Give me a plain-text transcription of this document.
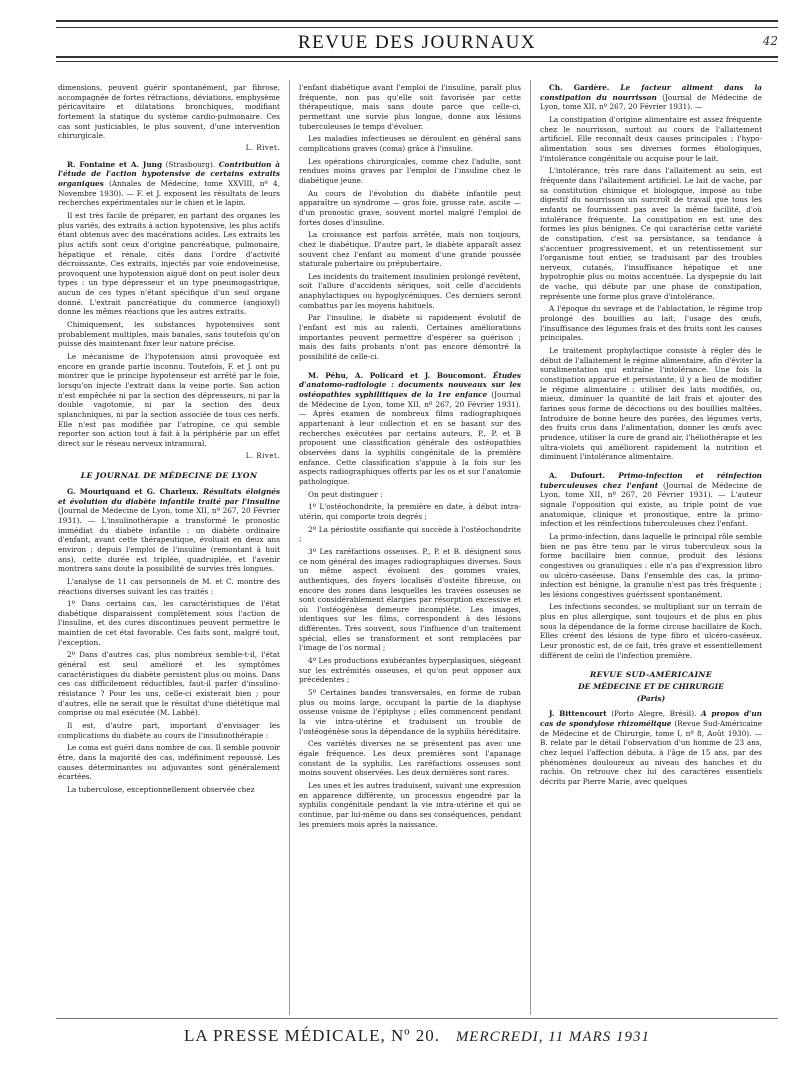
REVUE DES JOURNAUX	42

dimensions, peuvent guérir spontanément, par fibrose, accompagnée de fortes rétractions, déviations, emphysème péricavitaire et dilatations bronchiques, modifiant fortement la statique du système cardio-pulmonaire. Ces cas sont justiciables, le plus souvent, d'une intervention chirurgicale.

L. Rivet.

R. Fontaine et A. Jung (Strasbourg). Contribution à l'étude de l'action hypotensive de certains extraits organiques (Annales de Médecine, tome XXVIII, nº 4, Novembre 1930). — F. et J. exposent les résultats de leurs recherches expérimentales sur le chien et le lapin.

Il est très facile de préparer, en partant des organes les plus variés, des extraits à action hypotensive, les plus actifs étant obtenus avec des macérations acides. Les extraits les plus actifs sont ceux d'origine pancréatique, pulmonaire, hépatique et rénale, cités dans l'ordre d'activité décroissante. Ces extraits, injectés par voie endoveineuse, provoquent une hypotension aiguë dont on peut isoler deux types : un type dépresseur et un type pneumogastrique, aucun de ces types n'étant spécifique d'un seul organe donné. L'extrait pancréatique du commerce (angioxyl) donne les mêmes réactions que les autres extraits.

Chimiquement, les substances hypotensives sont probablement multiples, mais banales, sans toutefois qu'on puisse dès maintenant fixer leur nature précise.

Le mécanisme de l'hypotension ainsi provoquée est encore en grande partie inconnu. Toutefois, F. et J. ont pu montrer que le principe hypotenseur est arrêté par le foie, lorsqu'on injecte l'extrait dans la veine porte. Son action n'est empêchée ni par la section des dépresseurs, ni par la double vagotomie, ni par la section des deux splanchniques, ni par la section associée de tous ces nerfs. Elle n'est pas modifiée par l'atropine, ce qui semble reporter son action tout à fait à la périphérie par un effet direct sur le réseau nerveux intramural.

L. Rivet.
LE JOURNAL DE MÉDECINE DE LYON

G. Mouriquand et G. Charleux. Résultats éloignés et évolution du diabète infantile traité par l'insuline (Journal de Médecine de Lyon, tome XII, nº 267, 20 Février 1931). — L'insulinothérapie a transformé le pronostic immédiat du diabète infantile : un diabète ordinaire d'enfant, avant cette thérapeutique, évoluait en deux ans environ ; depuis l'emploi de l'insuline (remontant à huit ans), cette durée est triplée, quadruplée, et l'avenir montrera sans doute la possibilité de survies très longues.

L'analyse de 11 cas personnels de M. et C. montre des réactions diverses suivant les cas traités :

1º Dans certains cas, les caractéristiques de l'état diabétique disparaissent complètement sous l'action de l'insuline, et des cures discontinues peuvent permettre le maintien de cet état favorable. Ces faits sont, malgré tout, l'exception.

2º Dans d'autres cas, plus nombreux semble-t-il, l'état général est seul amélioré et les symptômes caractéristiques du diabète persistent plus ou moins. Dans ces cas difficilement réductibles, faut-il parler d'insulino-résistance ? Pour les uns, celle-ci existerait bien ; pour d'autres, elle ne serait que le résultat d'une diététique mal comprise ou mal exécutée (M. Labbé).

Il est, d'autre part, important d'envisager les complications du diabète au cours de l'insulinothérapie :

Le coma est guéri dans nombre de cas. Il semble pouvoir être, dans la majorité des cas, indéfiniment repoussé. Les causes déterminantes ou adjuvantes sont généralement écartées.

La tuberculose, exceptionnellement observée chez

l'enfant diabétique avant l'emploi de l'insuline, paraît plus fréquente, non pas qu'elle soit favorisée par cette thérapeutique, mais sans doute parce que celle-ci, permettant une survie plus longue, donne aux lésions tuberculeuses le temps d'évoluer.

Les maladies infectieuses se déroulent en général sans complications graves (coma) grâce à l'insuline.

Les opérations chirurgicales, comme chez l'adulte, sont rendues moins graves par l'emploi de l'insuline chez le diabétique jeune.

Au cours de l'évolution du diabète infantile peut apparaître un syndrome — gros foie, grosse rate, ascite — d'un pronostic grave, souvent mortel malgré l'emploi de fortes doses d'insuline.

La croissance est parfois arrêtée, mais non toujours, chez le diabétique. D'autre part, le diabète apparaît assez souvent chez l'enfant au moment d'une grande poussée staturale pubertaire ou prépubertaire.

Les incidents du traitement insulinien prolongé revêtent, soit l'allure d'accidents sériques, soit celle d'accidents anaphylactiques ou hypoglycémiques. Ces derniers seront combattus par les moyens habituels.

Par l'insuline, le diabète si rapidement évolutif de l'enfant est mis au ralenti. Certaines améliorations importantes peuvent permettre d'espérer sa guérison ; mais des faits probants n'ont pas encore démontré la possibilité de celle-ci.

M. Péhu, A. Policard et J. Boucomont. Études d'anatomo-radiologie : documents nouveaux sur les ostéopathies syphilitiques de la 1re enfance (Journal de Médecine de Lyon, tome XII, nº 267, 20 Février 1931). — Après examen de nombreux films radiographiques appartenant à leur collection et en se basant sur des recherches exécutées par certains auteurs, P., P. et B proposent une classification générale des ostéopathies observées dans la syphilis congénitale de la première enfance. Cette classification s'appuie à la fois sur les aspects radiographiques offerts par les os et sur l'anatomie pathologique.

On peut distinguer :

1º L'ostéochondrite, la première en date, à début intra-utérin, qui comporte trois degrés ;

2º La périostite ossifiante qui succède à l'ostéochondrite ;

3º Les raréfactions osseuses. P., P. et B. désignent sous ce nom général des images radiographiques diverses. Sous un même aspect évoluent des gommes vraies, authentiques, des foyers localisés d'ostéite fibreuse, ou encore des zones dans lesquelles les travées osseuses se sont considérablement élargies par résorption excessive et où l'ostéogénèse demeure incomplète. Les images, identiques sur les films, correspondent à des lésions différentes. Très souvent, sous l'influence d'un traitement spécial, elles se transforment et sont remplacées par l'image de l'os normal ;

4º Les productions exubérantes hyperplasiques, siégeant sur les extrémités osseuses, et qu'on peut opposer aux précédentes ;

5º Certaines bandes transversales, en forme de ruban plus ou moins large, occupant la partie de la diaphyse osseuse voisine de l'épiphyse ; elles commencent pendant la vie intra-utérine et traduisent un trouble de l'ostéogénèse sous la dépendance de la syphilis héréditaire.

Ces variétés diverses ne se présentent pas avec une égale fréquence. Les deux premières sont l'apanage constant de la syphilis. Les raréfactions osseuses sont moins souvent observées. Les deux dernières sont rares.

Les unes et les autres traduisent, suivant une expression en apparence différente, un processus engendré par la syphilis congénitale pendant la vie intra-utérine et qui se continue, par lui-même ou dans ses conséquences, pendant les premiers mois après la naissance.

Ch. Gardère. Le facteur aliment dans la constipation du nourrisson (Journal de Médecine de Lyon, tome XII, nº 267, 20 Février 1931). —

La constipation d'origine alimentaire est assez fréquente chez le nourrisson, surtout au cours de l'allaitement artificiel. Elle reconnaît deux causes principales : l'hypo-alimentation sous ses diverses formes étiologiques, l'intolérance congénitale ou acquise pour le lait.

L'intolérance, très rare dans l'allaitement au sein, est fréquente dans l'allaitement artificiel. Le lait de vache, par sa constitution chimique et biologique, imposé au tube digestif du nourrisson un surcroît de travail que tous les enfants ne fournissent pas avec la même facilité, d'où intolérance fréquente. La constipation en est une des formes les plus bénignes. Ce qui caractérise cette variété de constipation, c'est sa persistance, sa tendance à s'accentuer progressivement, et un retentissement sur l'organisme tout entier, se traduisant par des troubles nerveux, cutanés, l'insuffisance hépatique et une hypotrophie plus ou moins accentuée. La dyspepsie du lait de vache, qui débute par une phase de constipation, représente une forme plus grave d'intolérance.

A l'époque du sevrage et de l'ablactation, le régime trop prolongé des bouillies au lait, l'usage des œufs, l'insuffisance des légumes frais et des fruits sont les causes principales.

Le traitement prophylactique consiste à régler dès le début de l'allaitement le régime alimentaire, afin d'éviter la suralimentation qui entraîne l'intolérance. Une fois la constipation apparue et persistante, il y a lieu de modifier le régime alimentaire : utiliser des laits modifiés, ou, mieux, diminuer la quantité de lait frais et ajouter des farines sous forme de décoctions ou des bouillies maltées. Introduire de bonne heure des purées, des légumes verts, des fruits crus dans l'alimentation, donner les œufs avec prudence, utiliser la cure de grand air, l'héliothérapie et les ultra-violets qui améliorent rapidement la nutrition et diminuent l'intolérance alimentaire.

A. Dufourt. Primo-infection et réinfection tuberculeuses chez l'enfant (Journal de Médecine de Lyon, tome XII, nº 267, 20 Février 1931). — L'auteur signale l'opposition qui existe, au triple point de vue anatomique, clinique et pronostique, entre la primo-infection et les réinfections tuberculeuses chez l'enfant.

La primo-infection, dans laquelle le principal rôle semble bien ne pas être tenu par le virus tuberculeux sous la forme bacillaire bien connue, produit des lésions congestives ou granuliques : elle n'a pas d'expression libro ou ulcéro-caséeuse. Dans l'ensemble des cas, la primo-infection est bénigne, la granulie n'est pas très fréquente ; les lésions congestives guérissent spontanément.

Les infections secondes, se multipliant sur un terrain de plus en plus allergique, sont toujours et de plus en plus sous la dépendance de la forme circuse bacillaire de Koch. Elles créent des lésions de type fibro et ulcéro-caséeux. Leur pronostic est, de ce fait, très grave et essentiellement différent de celui de l'infection première.

REVUE SUD-AMÉRICAINE
DE MÉDECINE ET DE CHIRURGIE
(Paris)

J. Bittencourt (Porto Alegre, Brésil). A propos d'un cas de spondylose rhizomélique (Revue Sud-Américaine de Médecine et de Chirurgie, tome I, nº 8, Août 1930). — B. relate par le détail l'observation d'un homme de 23 ans, chez lequel l'affection débuta, à l'âge de 15 ans, par des phénomènes douloureux au niveau des hanches et du rachis. On retrouve chez lui des caractères essentiels décrits par Pierre Marie, avec quelques

LA PRESSE MÉDICALE, Nº 20. MERCREDI, 11 MARS 1931
